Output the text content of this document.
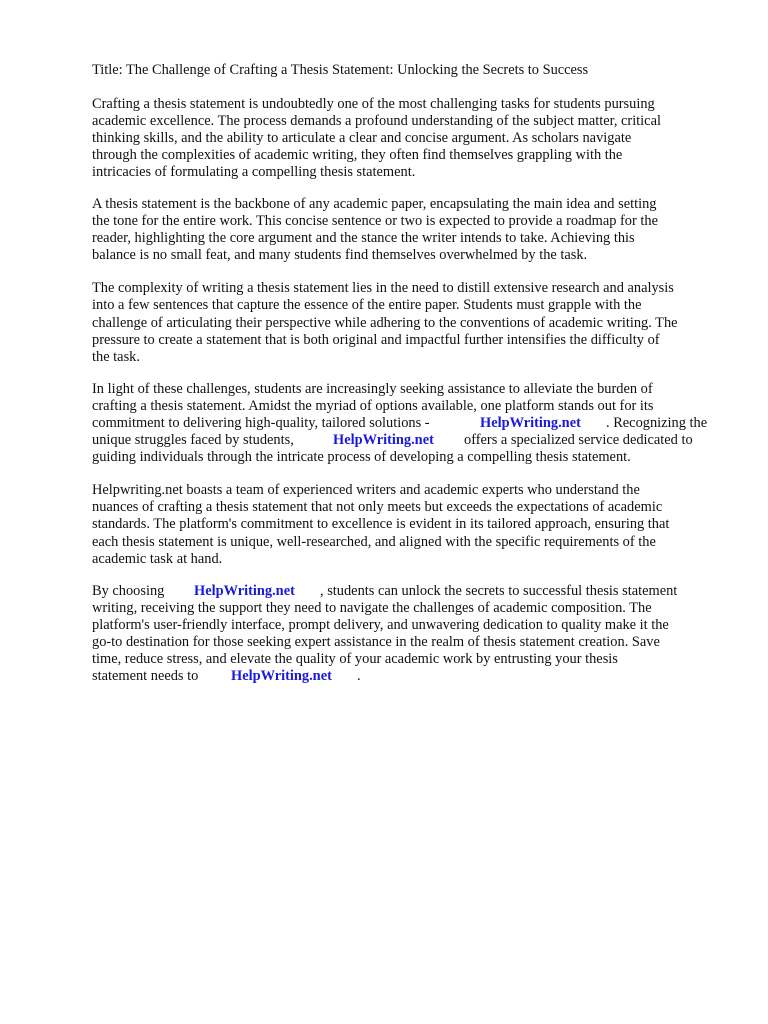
Title: The Challenge of Crafting a Thesis Statement: Unlocking the Secrets to Success
Crafting a thesis statement is undoubtedly one of the most challenging tasks for students pursuing
academic excellence. The process demands a profound understanding of the subject matter, critical
thinking skills, and the ability to articulate a clear and concise argument. As scholars navigate
through the complexities of academic writing, they often find themselves grappling with the
intricacies of formulating a compelling thesis statement.
A thesis statement is the backbone of any academic paper, encapsulating the main idea and setting
the tone for the entire work. This concise sentence or two is expected to provide a roadmap for the
reader, highlighting the core argument and the stance the writer intends to take. Achieving this
balance is no small feat, and many students find themselves overwhelmed by the task.
The complexity of writing a thesis statement lies in the need to distill extensive research and analysis
into a few sentences that capture the essence of the entire paper. Students must grapple with the
challenge of articulating their perspective while adhering to the conventions of academic writing. The
pressure to create a statement that is both original and impactful further intensifies the difficulty of
the task.
In light of these challenges, students are increasingly seeking assistance to alleviate the burden of
crafting a thesis statement. Amidst the myriad of options available, one platform stands out for its
commitment to delivering high-quality, tailored solutions -	HelpWriting.net . Recognizing the
unique struggles faced by students,	HelpWriting.net offers a specialized service dedicated to
guiding individuals through the intricate process of developing a compelling thesis statement.
Helpwriting.net boasts a team of experienced writers and academic experts who understand the
nuances of crafting a thesis statement that not only meets but exceeds the expectations of academic
standards. The platform's commitment to excellence is evident in its tailored approach, ensuring that
each thesis statement is unique, well-researched, and aligned with the specific requirements of the
academic task at hand.
By choosing HelpWriting.net , students can unlock the secrets to successful thesis statement
writing, receiving the support they need to navigate the challenges of academic composition. The
platform's user-friendly interface, prompt delivery, and unwavering dedication to quality make it the
go-to destination for those seeking expert assistance in the realm of thesis statement creation. Save
time, reduce stress, and elevate the quality of your academic work by entrusting your thesis
statement needs to HelpWriting.net .
